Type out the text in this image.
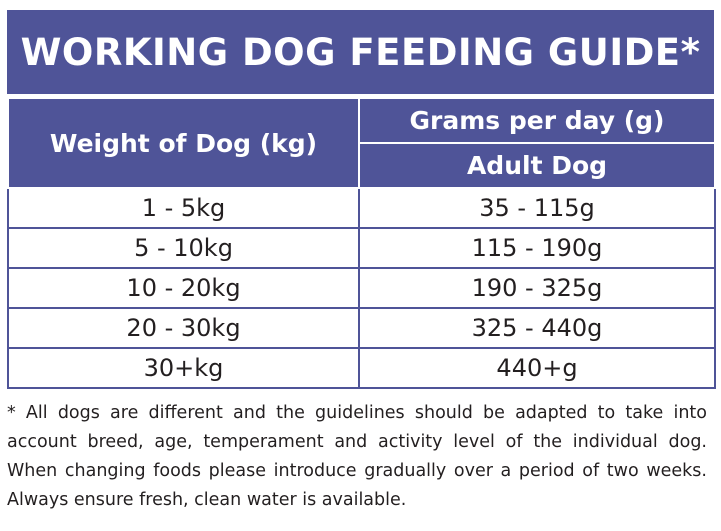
WORKING DOG FEEDING GUIDE*
Weight of Dog (kg)	Grams per day (g)
	Adult Dog
1 - 5kg	35 - 115g
5 - 10kg	115 - 190g
10 - 20kg	190 - 325g
20 - 30kg	325 - 440g
30+kg	440+g

* All dogs are different and the guidelines should be adapted to take into account breed, age, temperament and activity level of the individual dog. When changing foods please introduce gradually over a period of two weeks. Always ensure fresh, clean water is available.
